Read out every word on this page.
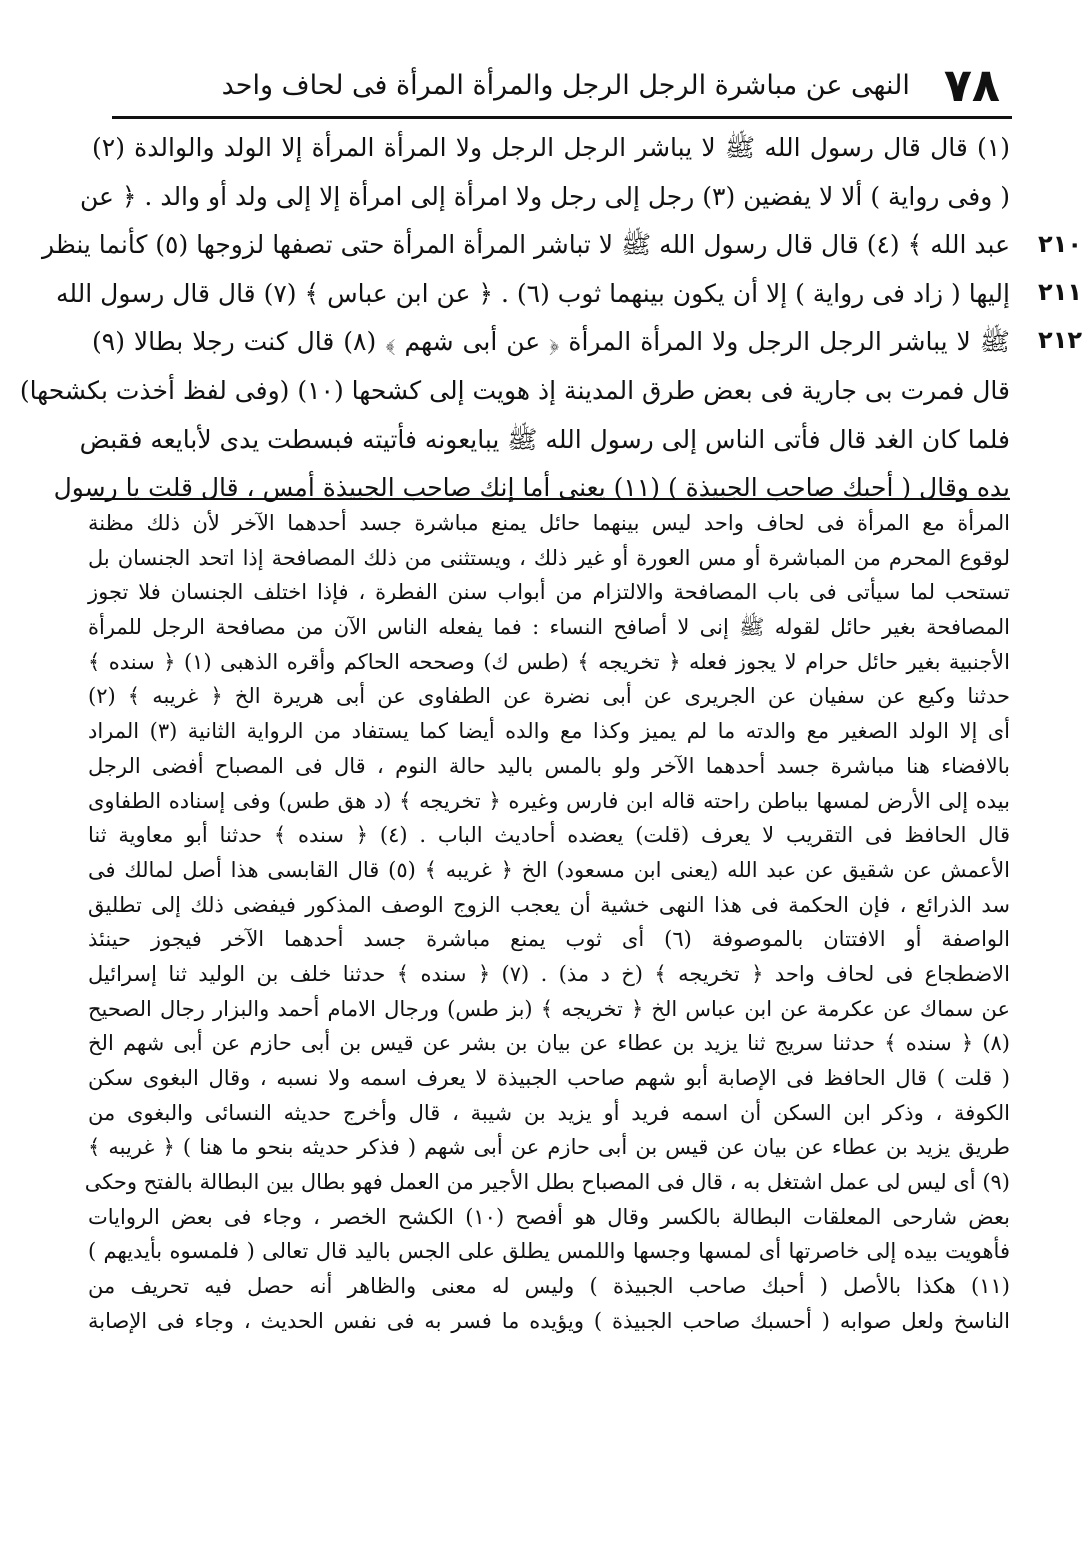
٧٨
النهى عن مباشرة الرجل الرجل والمرأة المرأة فى لحاف واحد
٢١٠
٢١١
٢١٢
(١) قال قال رسول الله ﷺ لا يباشر الرجل الرجل ولا المرأة المرأة إلا الولد والوالدة (٢)
( وفى رواية ) ألا لا يفضين (٣) رجل إلى رجل ولا امرأة إلى امرأة إلا إلى ولد أو والد . ﴿ عن
عبد الله ﴾ (٤) قال قال رسول الله ﷺ لا تباشر المرأة المرأة حتى تصفها لزوجها (٥) كأنما ينظر
إليها ( زاد فى رواية ) إلا أن يكون بينهما ثوب (٦) . ﴿ عن ابن عباس ﴾ (٧) قال قال رسول الله
ﷺ لا يباشر الرجل الرجل ولا المرأة المرأة ﴿ عن أبى شهم ﴾ (٨) قال كنت رجلا بطالا (٩)
قال فمرت بى جارية فى بعض طرق المدينة إذ هويت إلى كشحها (١٠) (وفى لفظ أخذت بكشحها)
فلما كان الغد قال فأتى الناس إلى رسول الله ﷺ يبايعونه فأتيته فبسطت يدى لأبايعه فقبض
يده وقال ( أحبك صاحب الجبيذة ) (١١) يعنى أما إنك صاحب الجبيذة أمس ، قال قلت يا رسول
المرأة مع المرأة فى لحاف واحد ليس بينهما حائل يمنع مباشرة جسد أحدهما الآخر لأن ذلك مظنة
لوقوع المحرم من المباشرة أو مس العورة أو غير ذلك ، ويستثنى من ذلك المصافحة إذا اتحد الجنسان بل
تستحب لما سيأتى فى باب المصافحة والالتزام من أبواب سنن الفطرة ، فإذا اختلف الجنسان فلا تجوز
المصافحة بغير حائل لقوله ﷺ إنى لا أصافح النساء : فما يفعله الناس الآن من مصافحة الرجل للمرأة
الأجنبية بغير حائل حرام لا يجوز فعله ﴿ تخريجه ﴾ (طس ك) وصححه الحاكم وأقره الذهبى (١) ﴿ سنده ﴾
حدثنا وكيع عن سفيان عن الجريرى عن أبى نضرة عن الطفاوى عن أبى هريرة الخ ﴿ غريبه ﴾ (٢)
أى إلا الولد الصغير مع والدته ما لم يميز وكذا مع والده أيضا كما يستفاد من الرواية الثانية (٣) المراد
بالافضاء هنا مباشرة جسد أحدهما الآخر ولو بالمس باليد حالة النوم ، قال فى المصباح أفضى الرجل
بيده إلى الأرض لمسها بباطن راحته قاله ابن فارس وغيره ﴿ تخريجه ﴾ (د هق طس) وفى إسناده الطفاوى
قال الحافظ فى التقريب لا يعرف (قلت) يعضده أحاديث الباب . (٤) ﴿ سنده ﴾ حدثنا أبو معاوية ثنا
الأعمش عن شقيق عن عبد الله (يعنى ابن مسعود) الخ ﴿ غريبه ﴾ (٥) قال القابسى هذا أصل لمالك فى
سد الذرائع ، فإن الحكمة فى هذا النهى خشية أن يعجب الزوج الوصف المذكور فيفضى ذلك إلى تطليق
الواصفة أو الافتتان بالموصوفة (٦) أى ثوب يمنع مباشرة جسد أحدهما الآخر فيجوز حينئذ
الاضطجاع فى لحاف واحد ﴿ تخريجه ﴾ (خ د مذ) . (٧) ﴿ سنده ﴾ حدثنا خلف بن الوليد ثنا إسرائيل
عن سماك عن عكرمة عن ابن عباس الخ ﴿ تخريجه ﴾ (بز طس) ورجال الامام أحمد والبزار رجال الصحيح
(٨) ﴿ سنده ﴾ حدثنا سريج ثنا يزيد بن عطاء عن بيان بن بشر عن قيس بن أبى حازم عن أبى شهم الخ
( قلت ) قال الحافظ فى الإصابة أبو شهم صاحب الجبيذة لا يعرف اسمه ولا نسبه ، وقال البغوى سكن
الكوفة ، وذكر ابن السكن أن اسمه فريد أو يزيد بن شيبة ، قال وأخرج حديثه النسائى والبغوى من
طريق يزيد بن عطاء عن بيان عن قيس بن أبى حازم عن أبى شهم ( فذكر حديثه بنحو ما هنا ) ﴿ غريبه ﴾
(٩) أى ليس لى عمل اشتغل به ، قال فى المصباح بطل الأجير من العمل فهو بطال بين البطالة بالفتح وحكى
بعض شارحى المعلقات البطالة بالكسر وقال هو أفصح (١٠) الكشح الخصر ، وجاء فى بعض الروايات
فأهويت بيده إلى خاصرتها أى لمسها وجسها واللمس يطلق على الجس باليد قال تعالى ( فلمسوه بأيديهم )
(١١) هكذا بالأصل ( أحبك صاحب الجبيذة ) وليس له معنى والظاهر أنه حصل فيه تحريف من
الناسخ ولعل صوابه ( أحسبك صاحب الجبيذة ) ويؤيده ما فسر به فى نفس الحديث ، وجاء فى الإصابة
